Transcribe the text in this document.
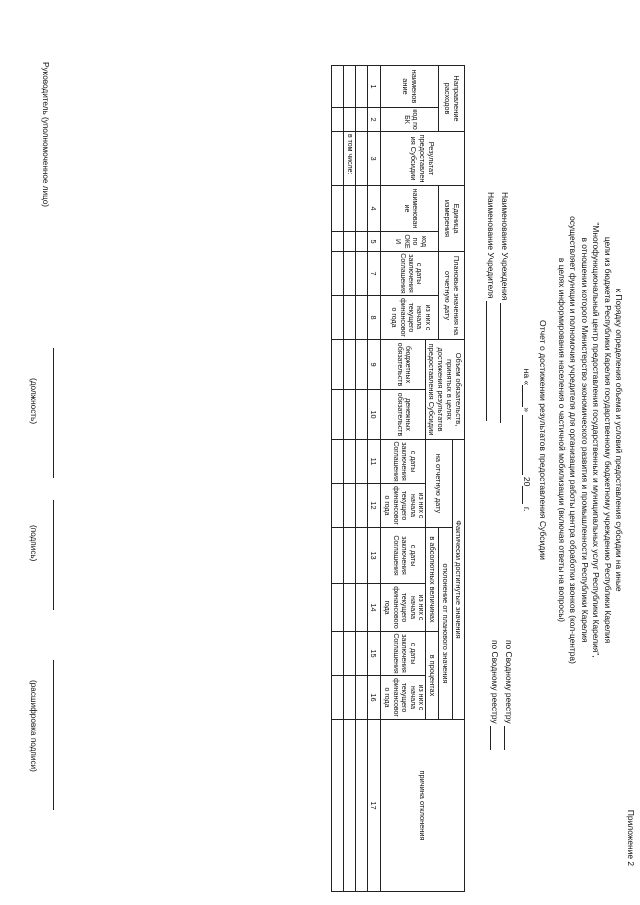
Приложение 2
к Порядку определения объема и условий предоставления субсидии на иные
цели из бюджета Республики Карелия государственному бюджетному учреждению Республики Карелия
"Многофункциональный центр предоставления государственных и муниципальных услуг Республики Карелия",
в отношении которого Министерство экономического развития и промышленности Республики Карелия
осуществляет функции и полномочия учредителя для организации работы центра обработки звонков (кол-центра)
в целях информирования населения о частичной мобилизации (включая ответы на вопросы)
Отчет о достижении результатов предоставления Субсидии
на «»  20 г.
по Сводному реестру
по Сводному реестру
Наименование Учреждения
Наименование Учредителя
Направление расходов		Результат предоставления Субсидии	Единица измерения		Плановые значения на отчетную дату		Объем обязательств, принятых в целях достижения результатов предоставления Субсидии		Фактически достигнутые значения						причина отклонения
									на отчетную дату		отклонение от планового значения				
наименование	код по БК		наименование	код по ОКЕИ	с даты заключения Соглашения	из них с начала текущего финансового года					в абсолютных величинах		в процентах		
							бюджетных обязательств	денежных обязательств	с даты заключения Соглашения	из них с начала текущего финансового года	с даты заключения Соглашения	из них с начала текущего финансового года	с даты заключения Соглашения	из них с начала текущего финансового года	
1	2	3	4	5	7	8	9	10	11	12	13	14	15	16	17

		в том числе:													

Руководитель (уполномоченное лицо)
(должность)
(подпись)
(расшифровка подписи)
